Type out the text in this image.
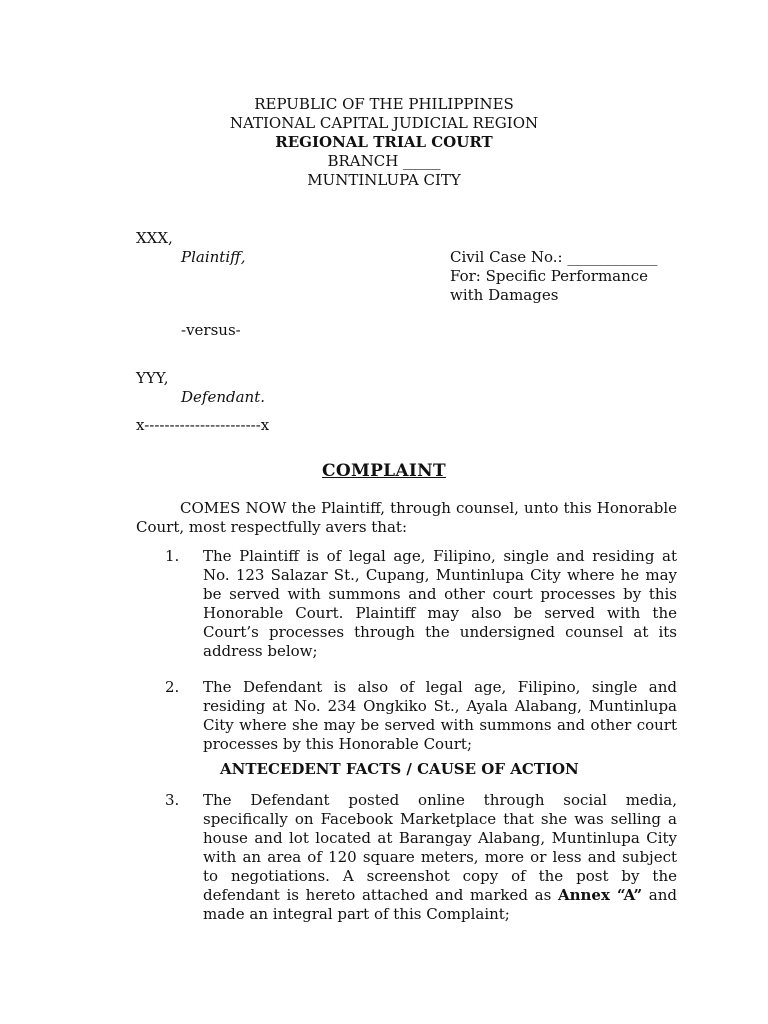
REPUBLIC OF THE PHILIPPINES
NATIONAL CAPITAL JUDICIAL REGION
REGIONAL TRIAL COURT
BRANCH _____
MUNTINLUPA CITY
XXX,
Plaintiff,	Civil Case No.: ____________
For: Specific Performance
with Damages
-versus-
YYY,
Defendant.
x-----------------------x
COMPLAINT
COMES NOW the Plaintiff, through counsel, unto this Honorable Court, most respectfully avers that:
1. The Plaintiff is of legal age, Filipino, single and residing at No. 123 Salazar St., Cupang, Muntinlupa City where he may be served with summons and other court processes by this Honorable Court. Plaintiff may also be served with the Court’s processes through the undersigned counsel at its address below;
2. The Defendant is also of legal age, Filipino, single and residing at No. 234 Ongkiko St., Ayala Alabang, Muntinlupa City where she may be served with summons and other court processes by this Honorable Court;
ANTECEDENT FACTS / CAUSE OF ACTION
3. The Defendant posted online through social media, specifically on Facebook Marketplace that she was selling a house and lot located at Barangay Alabang, Muntinlupa City with an area of 120 square meters, more or less and subject to negotiations. A screenshot copy of the post by the defendant is hereto attached and marked as Annex “A” and made an integral part of this Complaint;
